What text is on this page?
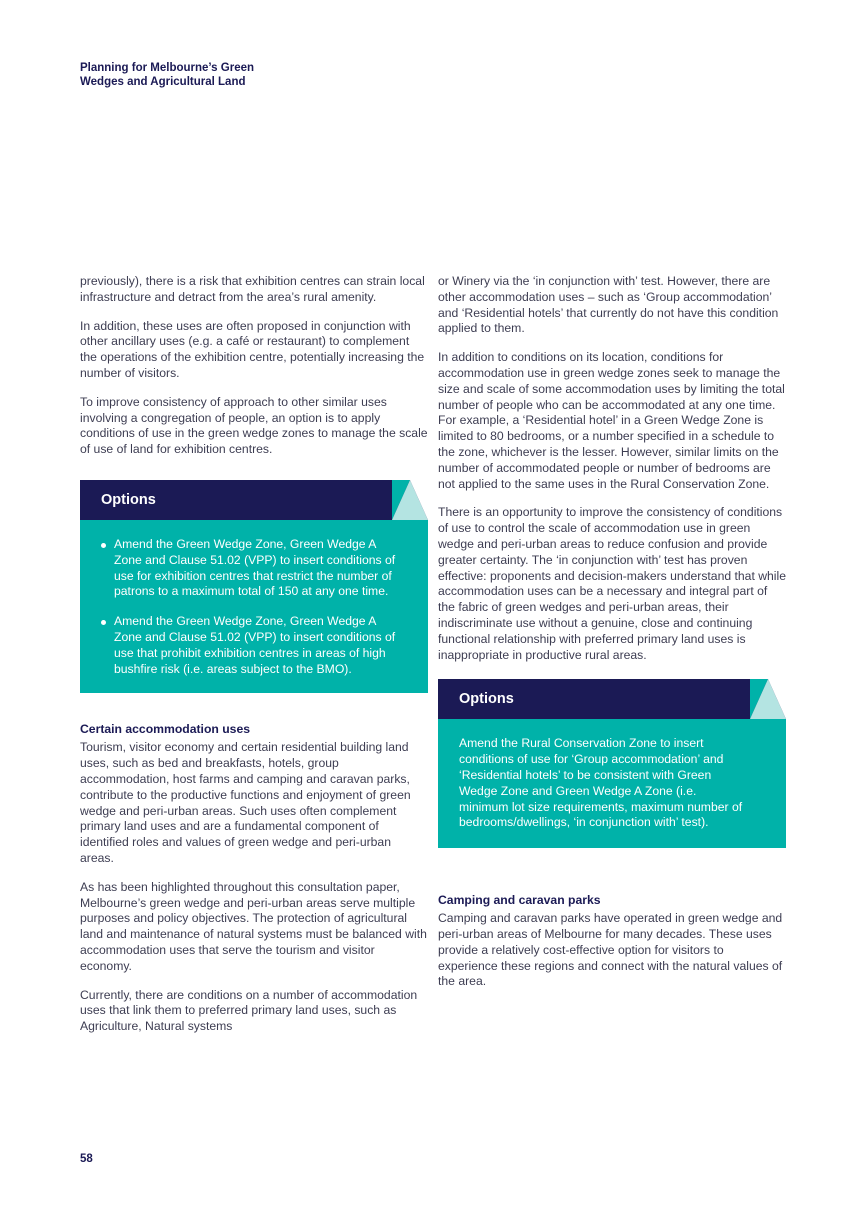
Planning for Melbourne’s Green
Wedges and Agricultural Land

previously), there is a risk that exhibition centres can strain local infrastructure and detract from the area’s rural amenity.

In addition, these uses are often proposed in conjunction with other ancillary uses (e.g. a café or restaurant) to complement the operations of the exhibition centre, potentially increasing the number of visitors.

To improve consistency of approach to other similar uses involving a congregation of people, an option is to apply conditions of use in the green wedge zones to manage the scale of use of land for exhibition centres.

Options
Amend the Green Wedge Zone, Green Wedge A Zone and Clause 51.02 (VPP) to insert conditions of use for exhibition centres that restrict the number of patrons to a maximum total of 150 at any one time.
Amend the Green Wedge Zone, Green Wedge A Zone and Clause 51.02 (VPP) to insert conditions of use that prohibit exhibition centres in areas of high bushfire risk (i.e. areas subject to the BMO).
Certain accommodation uses

Tourism, visitor economy and certain residential building land uses, such as bed and breakfasts, hotels, group accommodation, host farms and camping and caravan parks, contribute to the productive functions and enjoyment of green wedge and peri-urban areas. Such uses often complement primary land uses and are a fundamental component of identified roles and values of green wedge and peri-urban areas.

As has been highlighted throughout this consultation paper, Melbourne’s green wedge and peri-urban areas serve multiple purposes and policy objectives. The protection of agricultural land and maintenance of natural systems must be balanced with accommodation uses that serve the tourism and visitor economy.

Currently, there are conditions on a number of accommodation uses that link them to preferred primary land uses, such as Agriculture, Natural systems

or Winery via the ‘in conjunction with’ test. However, there are other accommodation uses – such as ‘Group accommodation’ and ‘Residential hotels’ that currently do not have this condition applied to them.

In addition to conditions on its location, conditions for accommodation use in green wedge zones seek to manage the size and scale of some accommodation uses by limiting the total number of people who can be accommodated at any one time. For example, a ‘Residential hotel’ in a Green Wedge Zone is limited to 80 bedrooms, or a number specified in a schedule to the zone, whichever is the lesser. However, similar limits on the number of accommodated people or number of bedrooms are not applied to the same uses in the Rural Conservation Zone.

There is an opportunity to improve the consistency of conditions of use to control the scale of accommodation use in green wedge and peri-urban areas to reduce confusion and provide greater certainty. The ‘in conjunction with’ test has proven effective: proponents and decision-makers understand that while accommodation uses can be a necessary and integral part of the fabric of green wedges and peri-urban areas, their indiscriminate use without a genuine, close and continuing functional relationship with preferred primary land uses is inappropriate in productive rural areas.

Options
Amend the Rural Conservation Zone to insert conditions of use for ‘Group accommodation’ and ‘Residential hotels’ to be consistent with Green Wedge Zone and Green Wedge A Zone (i.e. minimum lot size requirements, maximum number of bedrooms/dwellings, ‘in conjunction with’ test).
Camping and caravan parks

Camping and caravan parks have operated in green wedge and peri-urban areas of Melbourne for many decades. These uses provide a relatively cost-effective option for visitors to experience these regions and connect with the natural values of the area.

58
